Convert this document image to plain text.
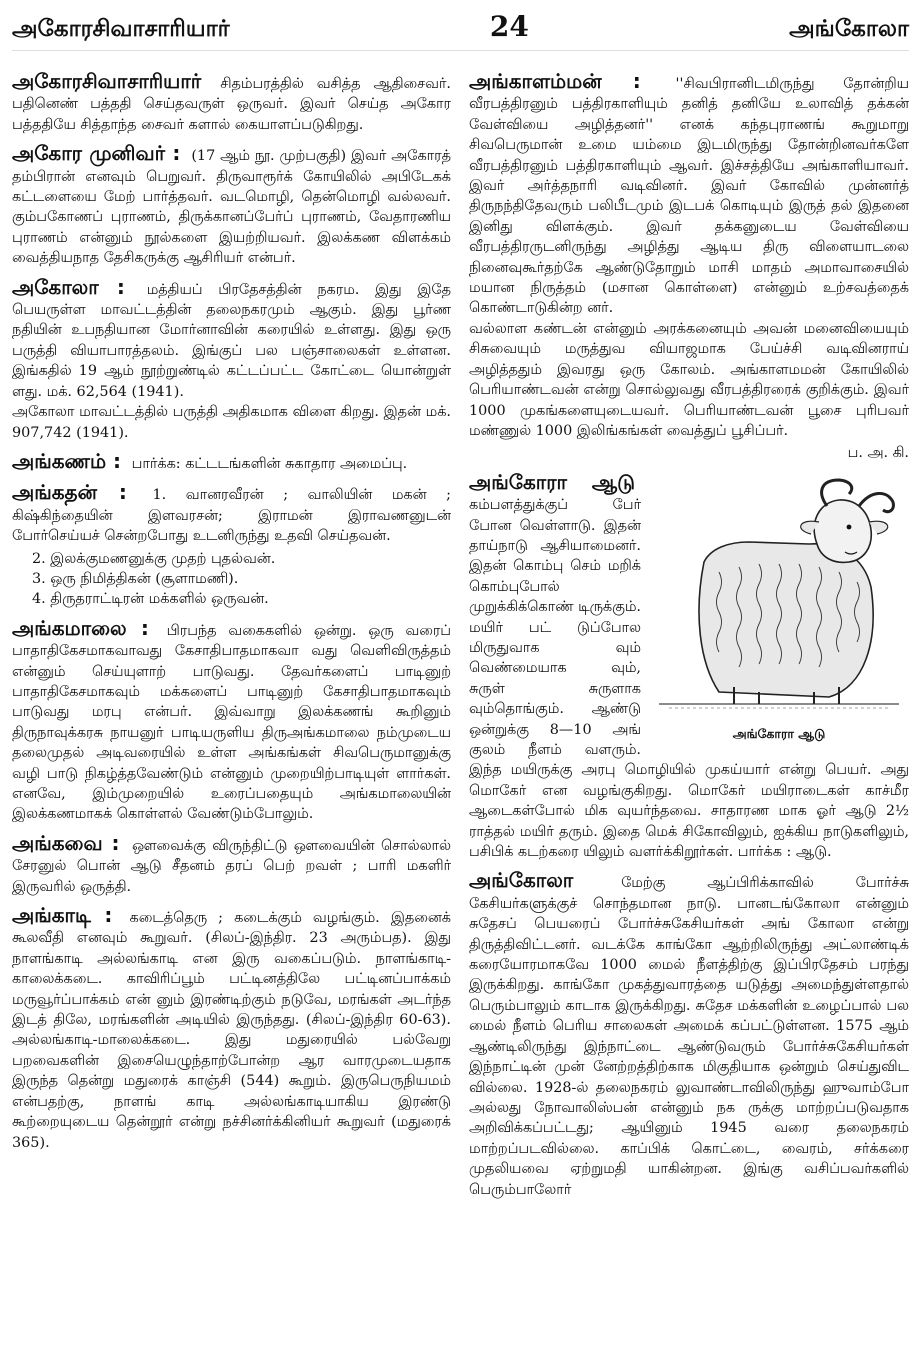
அகோரசிவாசாரியார்	24	அங்கோலா
அகோரசிவாசாரியார் சிதம்பரத்தில் வசித்த ஆதிசைவர். பதினெண் பத்ததி செய்தவருள் ஒருவர். இவர் செய்த அகோர பத்ததியே சித்தாந்த சைவர் களால் கையாளப்படுகிறது.
அகோர முனிவர் : (17 ஆம் நூ. முற்பகுதி) இவர் அகோரத் தம்பிரான் எனவும் பெறுவர். திருவாரூர்க் கோயிலில் அபிடேகக் கட்டளையை மேற் பார்த்தவர். வடமொழி, தென்மொழி வல்லவர். கும்பகோணப் புராணம், திருக்கானப்பேர்ப் புராணம், வேதாரணிய புராணம் என்னும் நூல்களை இயற்றியவர். இலக்கண விளக்கம் வைத்தியநாத தேசிகருக்கு ஆசிரியர் என்பர்.
அகோலா : மத்தியப் பிரதேசத்தின் நகரம. இது இதே பெயருள்ள மாவட்டத்தின் தலைநகரமும் ஆகும். இது பூர்ண நதியின் உபநதியான மோர்னாவின் கரையில் உள்ளது. இது ஒரு பருத்தி வியாபாரத்தலம். இங்குப் பல பஞ்சாலைகள் உள்ளன. இங்கதில் 19 ஆம் நூற்றுண்டில் கட்டப்பட்ட கோட்டை யொன்றுள் ளது. மக். 62,564 (1941).

அகோலா மாவட்டத்தில் பருத்தி அதிகமாக விளை கிறது. இதன் மக். 907,742 (1941).

அங்கணம் : பார்க்க: கட்டடங்களின் சுகாதார அமைப்பு.
அங்கதன் : 1. வானரவீரன் ; வாலியின் மகன் ; கிஷ்கிந்தையின் இளவரசன்; இராமன் இராவணனுடன் போர்செய்யச் சென்றபோது உடனிருந்து உதவி செய்தவன்.
2. இலக்குமணனுக்கு முதற் புதல்வன்.
3. ஒரு நிமித்திகன் (சூளாமணி).
4. திருதராட்டிரன் மக்களில் ஒருவன்.
அங்கமாலை : பிரபந்த வகைகளில் ஒன்று. ஒரு வரைப் பாதாதிகேசமாகவாவது கேசாதிபாதமாகவா வது வெளிவிருத்தம் என்னும் செய்யுளாற் பாடுவது. தேவர்களைப் பாடினுற் பாதாதிகேசமாகவும் மக்களைப் பாடினுற் கேசாதிபாதமாகவும் பாடுவது மரபு என்பர். இவ்வாறு இலக்கணங் கூறினும் திருநாவுக்கரசு நாயனுர் பாடியருளிய திருஅங்கமாலை நம்முடைய தலைமுதல் அடிவரையில் உள்ள அங்கங்கள் சிவபெருமானுக்கு வழி பாடு நிகழ்த்தவேண்டும் என்னும் முறையிற்பாடியுள் ளார்கள். எனவே, இம்முறையில் உரைப்பதையும் அங்கமாலையின் இலக்கணமாகக் கொள்ளல் வேண்டும்போலும்.
அங்கவை : ஔவைக்கு விருந்திட்டு ஔவையின் சொல்லால் சேரனுல் பொன் ஆடு சீதனம் தரப் பெற் றவள் ; பாரி மகளிர் இருவரில் ஒருத்தி.
அங்காடி : கடைத்தெரு ; கடைக்கும் வழங்கும். இதனைக் கூலவீதி எனவும் கூறுவர். (சிலப்-இந்திர. 23 அரும்பத). இது நாளங்காடி அல்லங்காடி என இரு வகைப்படும். நாளங்காடி-காலைக்கடை. காவிரிப்பூம் பட்டினத்திலே பட்டினப்பாக்கம் மருவூர்ப்பாக்கம் என் னும் இரண்டிற்கும் நடுவே, மரங்கள் அடர்ந்த இடத் திலே, மரங்களின் அடியில் இருந்தது. (சிலப்-இந்திர 60-63). அல்லங்காடி-மாலைக்கடை. இது மதுரையில் பல்வேறு பறவைகளின் இசையெழுந்தாற்போன்ற ஆர வாரமுடையதாக இருந்த தென்று மதுரைக் காஞ்சி (544) கூறும். இருபெருநியமம் என்பதற்கு, நாளங் காடி அல்லங்காடியாகிய இரண்டு கூற்றையுடைய தென்றூர் என்று நச்சினர்க்கினியர் கூறுவர் (மதுரைக் 365).
அங்காளம்மன் : ''சிவபிரானிடமிருந்து தோன்றிய வீரபத்திரனும் பத்திரகாளியும் தனித் தனியே உலாவித் தக்கன் வேள்வியை அழித்தனர்'' எனக் கந்தபுராணங் கூறுமாறு சிவபெருமான் உமை யம்மை இடமிருந்து தோன்றினவர்களே வீரபத்திரனும் பத்திரகாளியும் ஆவர். இச்சத்தியே அங்காளியாவர். இவர் அர்த்தநாரி வடிவினர். இவர் கோவில் முன்னர்த் திருநந்திதேவரும் பலிபீடமும் இடபக் கொடியும் இருத் தல் இதனை இனிது விளக்கும். இவர் தக்கனுடைய வேள்வியை வீரபத்திரருடனிருந்து அழித்து ஆடிய திரு விளையாடலை நினைவுகூர்தற்கே ஆண்டுதோறும் மாசி மாதம் அமாவாசையில் மயான நிருத்தம் (மசான கொள்ளை) என்னும் உற்சவத்தைக் கொண்டாடுகின்ற னர்.

வல்லாள கண்டன் என்னும் அரக்கனையும் அவன் மனைவியையும் சிசுவையும் மருத்துவ வியாஜமாக பேய்ச்சி வடிவினராய் அழித்ததும் இவரது ஒரு கோலம். அங்காளமமன் கோயிலில் பெரியாண்டவன் என்று சொல்லுவது வீரபத்திரரைக் குறிக்கும். இவர் 1000 முகங்களையுடையவர். பெரியாண்டவன் பூசை புரிபவர் மண்ணுல் 1000 இலிங்கங்கள் வைத்துப் பூசிப்பர்.

ப. அ. கி.
அங்கோரா ஆடு
அங்கோரா ஆடு கம்பளத்துக்குப் பேர் போன வெள்ளாடு. இதன் தாய்நாடு ஆசியாமைனர். இதன் கொம்பு செம் மறிக் கொம்புபோல் முறுக்கிக்கொண் டிருக்கும். மயிர் பட் டுப்போல மிருதுவாக வும் வெண்மையாக வும், சுருள் சுருளாக வும்தொங்கும். ஆண்டு ஒன்றுக்கு 8—10 அங் குலம் நீளம் வளரும். இந்த மயிருக்கு அரபு மொழியில் முகய்யார் என்று பெயர். அது மொகேர் என வழங்குகிறது. மொகேர் மயிராடைகள் காச்மீர ஆடைகள்போல் மிக வுயர்ந்தவை. சாதாரண மாக ஓர் ஆடு 2½ ராத்தல் மயிர் தரும். இதை மெக் சிகோவிலும், ஐக்கிய நாடுகளிலும், பசிபிக் கடற்கரை யிலும் வளர்க்கிறூர்கள். பார்க்க : ஆடு.
அங்கோலா	மேற்கு ஆப்பிரிக்காவில் போர்ச்சு கேசியர்களுக்குச் சொந்தமான நாடு. பானடங்கோலா என்னும் சுதேசப் பெயரைப் போர்ச்சுகேசியர்கள் அங் கோலா என்று திருத்திவிட்டனர். வடக்கே காங்கோ ஆற்றிலிருந்து அட்லாண்டிக் கரையோரமாகவே 1000 மைல் நீளத்திற்கு இப்பிரதேசம் பரந்து இருக்கிறது. காங்கோ முகத்துவாரத்தை யடுத்து அமைந்துள்ளதால் பெரும்பாலும் காடாக இருக்கிறது. சுதேச மக்களின் உழைப்பால் பல மைல் நீளம் பெரிய சாலைகள் அமைக் கப்பட்டுள்ளன. 1575 ஆம் ஆண்டிலிருந்து இந்நாட்டை ஆண்டுவரும் போர்ச்சுகேசியர்கள் இந்நாட்டின் முன் னேற்றத்திற்காக மிகுதியாக ஒன்றும் செய்துவிட வில்லை. 1928-ல் தலைநகரம் லுவாண்டாவிலிருந்து ஹுவாம்போ அல்லது நோவாலிஸ்பன் என்னும் நக ருக்கு மாற்றப்படுவதாக அறிவிக்கப்பட்டது; ஆயினும் 1945 வரை தலைநகரம் மாற்றப்படவில்லை. காப்பிக் கொட்டை, வைரம், சர்க்கரை முதலியவை ஏற்றுமதி யாகின்றன. இங்கு வசிப்பவர்களில் பெரும்பாலோர்
